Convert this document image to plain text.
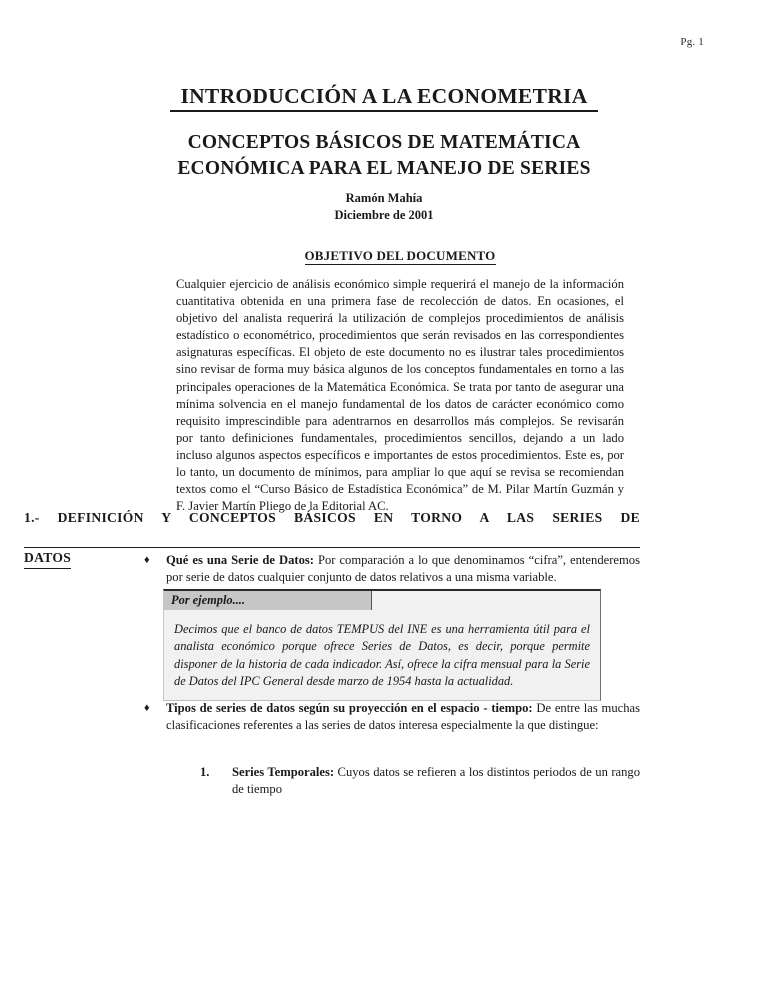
Pg. 1
INTRODUCCIÓN A LA ECONOMETRIA
CONCEPTOS BÁSICOS DE MATEMÁTICA
ECONÓMICA PARA EL MANEJO DE SERIES
Ramón Mahía
Diciembre de 2001
OBJETIVO DEL DOCUMENTO
Cualquier ejercicio de análisis económico simple requerirá el manejo de la información cuantitativa obtenida en una primera fase de recolección de datos. En ocasiones, el objetivo del analista requerirá la utilización de complejos procedimientos de análisis estadístico o econométrico, procedimientos que serán revisados en las correspondientes asignaturas específicas. El objeto de este documento no es ilustrar tales procedimientos sino revisar de forma muy básica algunos de los conceptos fundamentales en torno a las principales operaciones de la Matemática Económica. Se trata por tanto de asegurar una mínima solvencia en el manejo fundamental de los datos de carácter económico como requisito imprescindible para adentrarnos en desarrollos más complejos. Se revisarán por tanto definiciones fundamentales, procedimientos sencillos, dejando a un lado incluso algunos aspectos específicos e importantes de estos procedimientos. Este es, por lo tanto, un documento de mínimos, para ampliar lo que aquí se revisa se recomiendan textos como el “Curso Básico de Estadística Económica” de M. Pilar Martín Guzmán y F. Javier Martín Pliego de la Editorial AC.
1.- DEFINICIÓN Y CONCEPTOS BÁSICOS EN TORNO A LAS SERIES DE
DATOS	♦	Qué es una Serie de Datos: Por comparación a lo que denominamos “cifra”, entenderemos por serie de datos cualquier conjunto de datos relativos a una misma variable.
Por ejemplo....
Decimos que el banco de datos TEMPUS del INE es una herramienta útil para el analista económico porque ofrece Series de Datos, es decir, porque permite disponer de la historia de cada indicador. Así, ofrece la cifra mensual para la Serie de Datos del IPC General desde marzo de 1954 hasta la actualidad.
♦	Tipos de series de datos según su proyección en el espacio - tiempo: De entre las muchas clasificaciones referentes a las series de datos interesa especialmente la que distingue:
1.	Series Temporales: Cuyos datos se refieren a los distintos periodos de un rango de tiempo
